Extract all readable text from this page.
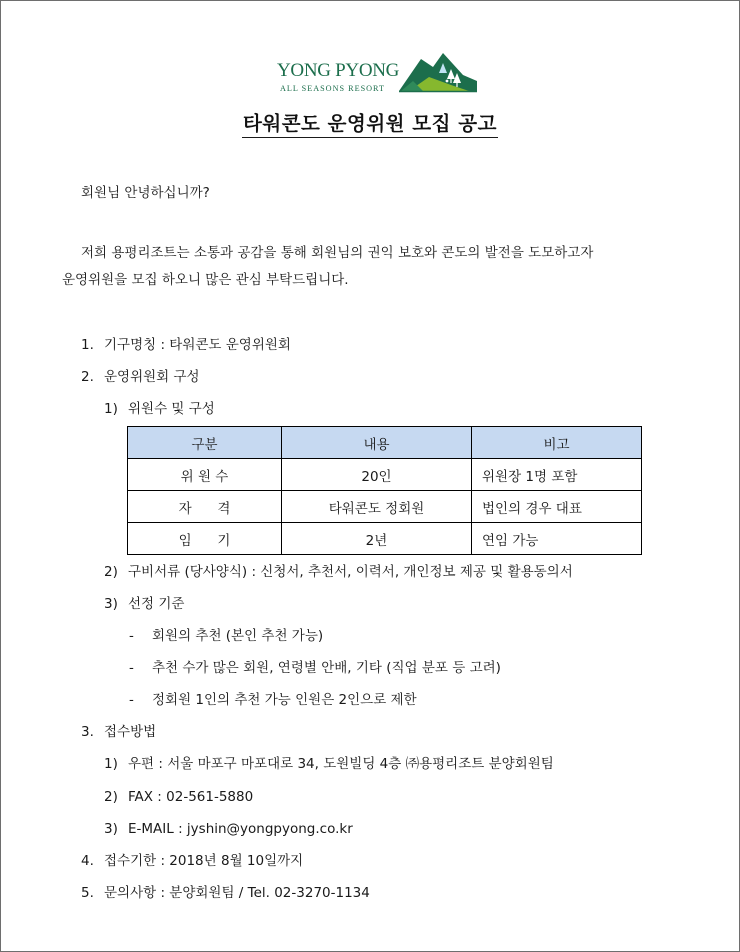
YONG PYONG
ALL SEASONS RESORT
타워콘도 운영위원 모집 공고
회원님 안녕하십니까?
저희 용평리조트는 소통과 공감을 통해 회원님의 권익 보호와 콘도의 발전을 도모하고자
운영위원을 모집 하오니 많은 관심 부탁드립니다.
1. 기구명칭 : 타워콘도 운영위원회
2. 운영위원회 구성
1) 위원수 및 구성
구분	내용	비고
위 원 수	20인	위원장 1명 포함
자      격	타워콘도 정회원	법인의 경우 대표
임      기	2년	연임 가능
2) 구비서류 (당사양식) : 신청서, 추천서, 이력서, 개인정보 제공 및 활용동의서
3) 선정 기준
- 회원의 추천 (본인 추천 가능)
- 추천 수가 많은 회원, 연령별 안배, 기타 (직업 분포 등 고려)
- 정회원 1인의 추천 가능 인원은 2인으로 제한
3. 접수방법
1) 우편 : 서울 마포구 마포대로 34, 도원빌딩 4층 ㈜용평리조트 분양회원팀
2) FAX : 02-561-5880
3) E-MAIL : jyshin@yongpyong.co.kr
4. 접수기한 : 2018년 8월 10일까지
5. 문의사항 : 분양회원팀 / Tel. 02-3270-1134
